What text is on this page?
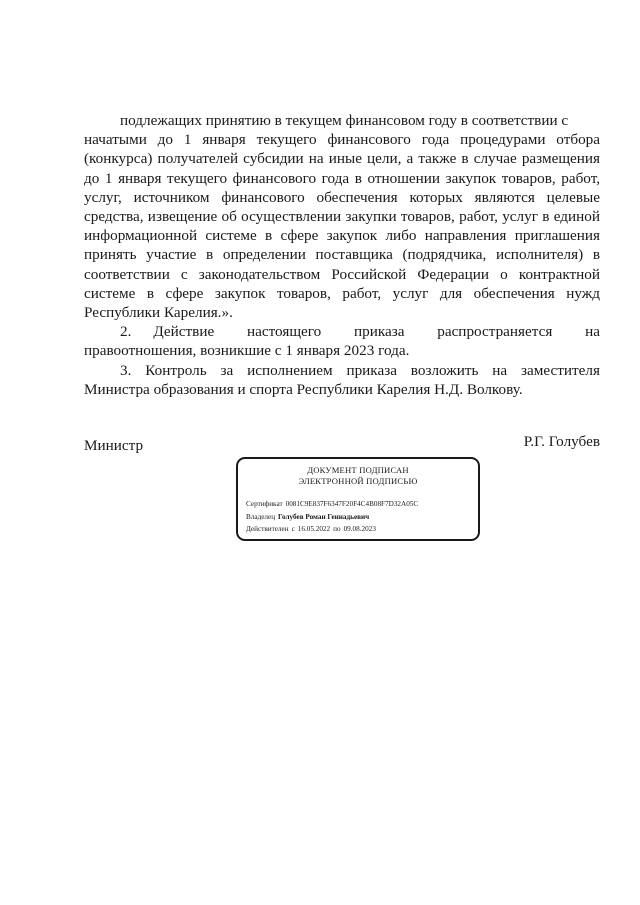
подлежащих принятию в текущем финансовом году в соответствии с
начатыми до 1 января текущего финансового года процедурами отбора
(конкурса) получателей субсидии на иные цели, а также в случае размещения
до 1 января текущего финансового года в отношении закупок товаров, работ,
услуг, источником финансового обеспечения которых являются целевые
средства, извещение об осуществлении закупки товаров, работ, услуг в единой
информационной системе в сфере закупок либо направления приглашения
принять участие в определении поставщика (подрядчика, исполнителя) в
соответствии с законодательством Российской Федерации о контрактной
системе в сфере закупок товаров, работ, услуг для обеспечения нужд
Республики Карелия.».
2. Действие настоящего приказа распространяется на
правоотношения, возникшие с 1 января 2023 года.
3. Контроль за исполнением приказа возложить на заместителя
Министра образования и спорта Республики Карелия Н.Д. Волкову.
Министр	Р.Г. Голубев
ДОКУМЕНТ ПОДПИСАН
ЭЛЕКТРОННОЙ ПОДПИСЬЮ
Сертификат 0081C9E837F6347F20F4C4B08F7D32A05C
Владелец Голубев Роман Геннадьевич
Действителен с 16.05.2022 по 09.08.2023
